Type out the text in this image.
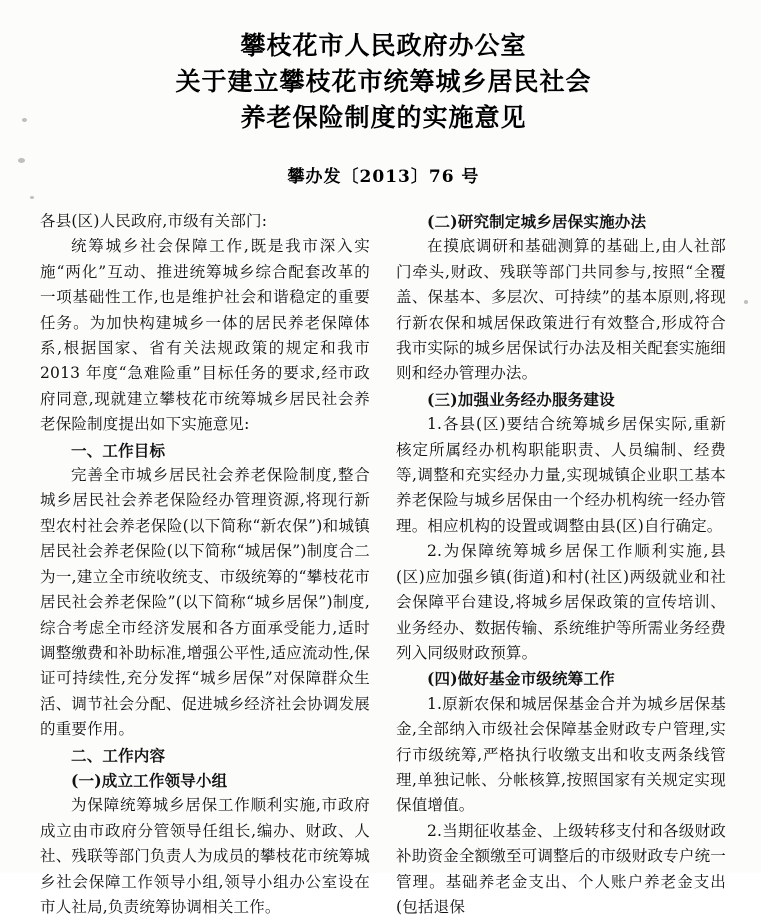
攀枝花市人民政府办公室
关于建立攀枝花市统筹城乡居民社会
养老保险制度的实施意见
攀办发〔2013〕76 号

各县(区)人民政府,市级有关部门:

统筹城乡社会保障工作,既是我市深入实施“两化”互动、推进统筹城乡综合配套改革的一项基础性工作,也是维护社会和谐稳定的重要任务。为加快构建城乡一体的居民养老保障体系,根据国家、省有关法规政策的规定和我市 2013 年度“急难险重”目标任务的要求,经市政府同意,现就建立攀枝花市统筹城乡居民社会养老保险制度提出如下实施意见:

一、工作目标

完善全市城乡居民社会养老保险制度,整合城乡居民社会养老保险经办管理资源,将现行新型农村社会养老保险(以下简称“新农保”)和城镇居民社会养老保险(以下简称“城居保”)制度合二为一,建立全市统收统支、市级统筹的“攀枝花市居民社会养老保险”(以下简称“城乡居保”)制度,综合考虑全市经济发展和各方面承受能力,适时调整缴费和补助标准,增强公平性,适应流动性,保证可持续性,充分发挥“城乡居保”对保障群众生活、调节社会分配、促进城乡经济社会协调发展的重要作用。

二、工作内容

(一)成立工作领导小组

为保障统筹城乡居保工作顺利实施,市政府成立由市政府分管领导任组长,编办、财政、人社、残联等部门负责人为成员的攀枝花市统筹城乡社会保障工作领导小组,领导小组办公室设在市人社局,负责统筹协调相关工作。

(二)研究制定城乡居保实施办法

在摸底调研和基础测算的基础上,由人社部门牵头,财政、残联等部门共同参与,按照“全覆盖、保基本、多层次、可持续”的基本原则,将现行新农保和城居保政策进行有效整合,形成符合我市实际的城乡居保试行办法及相关配套实施细则和经办管理办法。

(三)加强业务经办服务建设

1.各县(区)要结合统筹城乡居保实际,重新核定所属经办机构职能职责、人员编制、经费等,调整和充实经办力量,实现城镇企业职工基本养老保险与城乡居保由一个经办机构统一经办管理。相应机构的设置或调整由县(区)自行确定。

2.为保障统筹城乡居保工作顺利实施,县(区)应加强乡镇(街道)和村(社区)两级就业和社会保障平台建设,将城乡居保政策的宣传培训、业务经办、数据传输、系统维护等所需业务经费列入同级财政预算。

(四)做好基金市级统筹工作

1.原新农保和城居保基金合并为城乡居保基金,全部纳入市级社会保障基金财政专户管理,实行市级统筹,严格执行收缴支出和收支两条线管理,单独记帐、分帐核算,按照国家有关规定实现保值增值。

2.当期征收基金、上级转移支付和各级财政补助资金全额缴至可调整后的市级财政专户统一管理。基础养老金支出、个人账户养老金支出(包括退保
